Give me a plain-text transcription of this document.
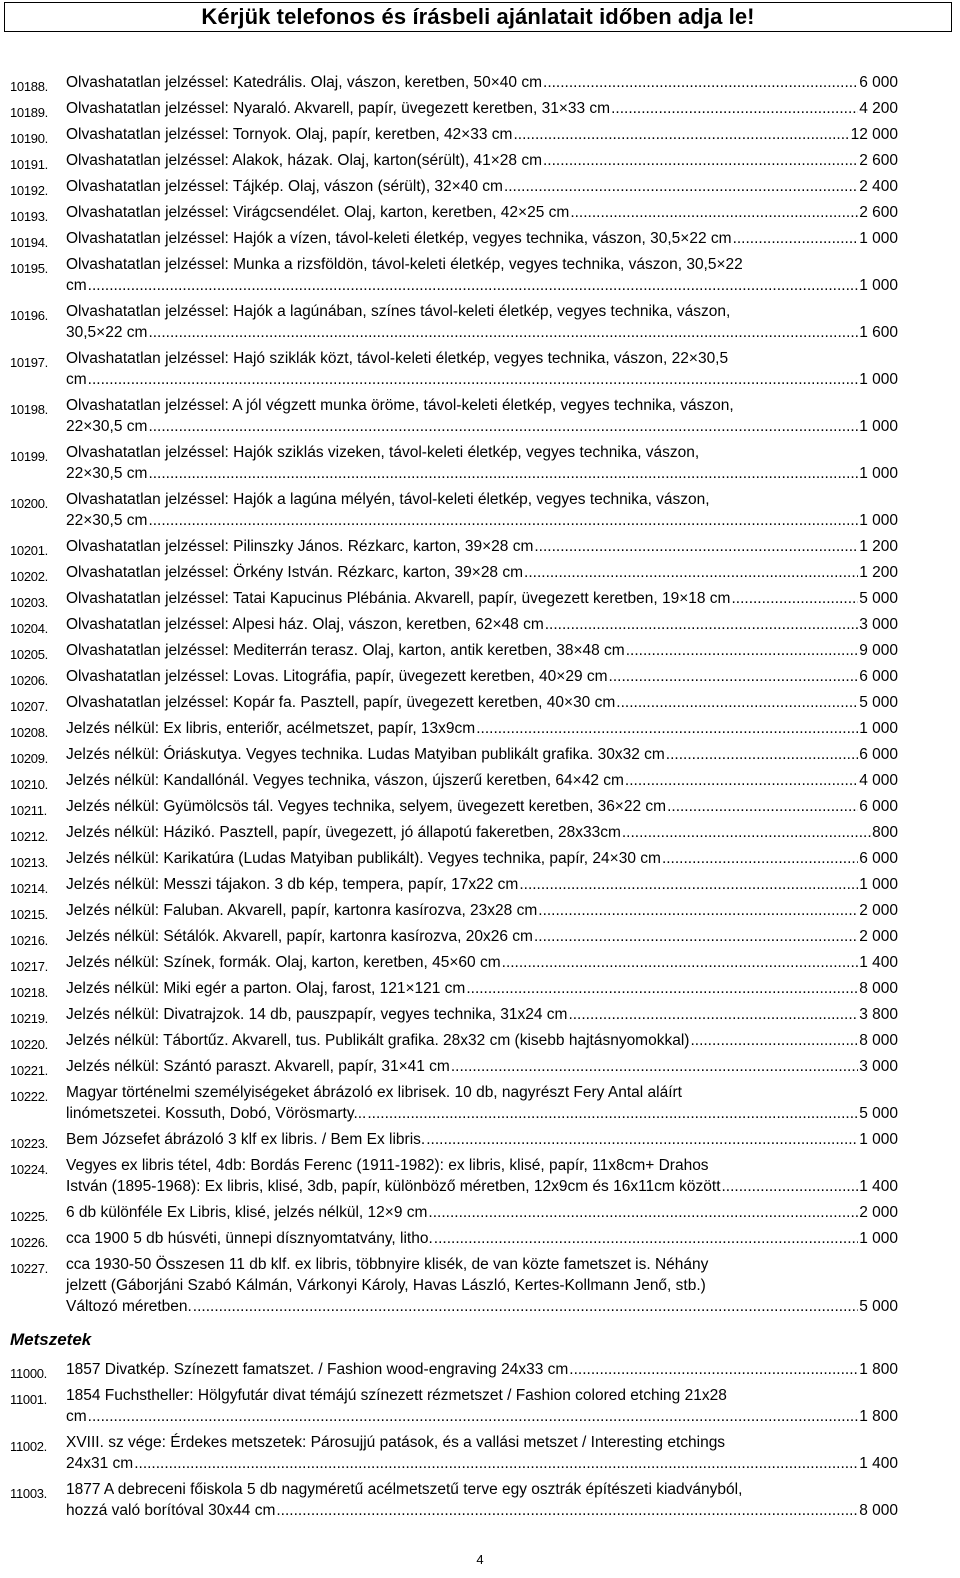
Kérjük telefonos és írásbeli ajánlatait időben adja le!
10188.	Olvashatatlan jelzéssel: Katedrális. Olaj, vászon, keretben, 50×40 cm .....	6 000
10189.	Olvashatatlan jelzéssel: Nyaraló. Akvarell, papír, üvegezett keretben, 31×33 cm .....	4 200
10190.	Olvashatatlan jelzéssel: Tornyok. Olaj, papír, keretben, 42×33 cm .....	12 000
10191.	Olvashatatlan jelzéssel: Alakok, házak. Olaj, karton(sérült), 41×28 cm .....	2 600
10192.	Olvashatatlan jelzéssel: Tájkép. Olaj, vászon (sérült), 32×40 cm .....	2 400
10193.	Olvashatatlan jelzéssel: Virágcsendélet. Olaj, karton, keretben, 42×25 cm .....	2 600
10194.	Olvashatatlan jelzéssel: Hajók a vízen, távol-keleti életkép, vegyes technika, vászon, 30,5×22 cm .....	1 000
10195.	Olvashatatlan jelzéssel: Munka a rizsföldön, távol-keleti életkép, vegyes technika, vászon, 30,5×22
cm .....	1 000
10196.	Olvashatatlan jelzéssel: Hajók a lagúnában, színes távol-keleti életkép, vegyes technika, vászon,
30,5×22 cm .....	1 600
10197.	Olvashatatlan jelzéssel: Hajó sziklák közt, távol-keleti életkép, vegyes technika, vászon, 22×30,5
cm .....	1 000
10198.	Olvashatatlan jelzéssel: A jól végzett munka öröme, távol-keleti életkép, vegyes technika, vászon,
22×30,5 cm .....	1 000
10199.	Olvashatatlan jelzéssel: Hajók sziklás vizeken, távol-keleti életkép, vegyes technika, vászon,
22×30,5 cm .....	1 000
10200.	Olvashatatlan jelzéssel: Hajók a lagúna mélyén, távol-keleti életkép, vegyes technika, vászon,
22×30,5 cm .....	1 000
10201.	Olvashatatlan jelzéssel: Pilinszky János. Rézkarc, karton, 39×28 cm .....	1 200
10202.	Olvashatatlan jelzéssel: Örkény István. Rézkarc, karton, 39×28 cm .....	1 200
10203.	Olvashatatlan jelzéssel: Tatai Kapucinus Plébánia. Akvarell, papír, üvegezett keretben, 19×18 cm .....	5 000
10204.	Olvashatatlan jelzéssel: Alpesi ház. Olaj, vászon, keretben, 62×48 cm .....	3 000
10205.	Olvashatatlan jelzéssel: Mediterrán terasz. Olaj, karton, antik keretben, 38×48 cm .....	9 000
10206.	Olvashatatlan jelzéssel: Lovas. Litográfia, papír, üvegezett keretben, 40×29 cm .....	6 000
10207.	Olvashatatlan jelzéssel: Kopár fa. Pasztell, papír, üvegezett keretben, 40×30 cm .....	5 000
10208.	Jelzés nélkül: Ex libris, enteriőr, acélmetszet, papír, 13x9cm .....	1 000
10209.	Jelzés nélkül: Óriáskutya. Vegyes technika. Ludas Matyiban publikált grafika. 30x32 cm .....	6 000
10210.	Jelzés nélkül: Kandallónál. Vegyes technika, vászon, újszerű keretben, 64×42 cm .....	4 000
10211.	Jelzés nélkül: Gyümölcsös tál. Vegyes technika, selyem, üvegezett keretben, 36×22 cm .....	6 000
10212.	Jelzés nélkül: Házikó. Pasztell, papír, üvegezett, jó állapotú fakeretben, 28x33cm .....	800
10213.	Jelzés nélkül: Karikatúra (Ludas Matyiban publikált). Vegyes technika, papír, 24×30 cm .....	6 000
10214.	Jelzés nélkül: Messzi tájakon. 3 db kép, tempera, papír, 17x22 cm .....	1 000
10215.	Jelzés nélkül: Faluban. Akvarell, papír, kartonra kasírozva, 23x28 cm .....	2 000
10216.	Jelzés nélkül: Sétálók. Akvarell, papír, kartonra kasírozva, 20x26 cm .....	2 000
10217.	Jelzés nélkül: Színek, formák. Olaj, karton, keretben, 45×60 cm .....	1 400
10218.	Jelzés nélkül: Miki egér a parton. Olaj, farost, 121×121 cm .....	8 000
10219.	Jelzés nélkül: Divatrajzok. 14 db, pauszpapír, vegyes technika, 31x24 cm .....	3 800
10220.	Jelzés nélkül: Tábortűz. Akvarell, tus. Publikált grafika. 28x32 cm (kisebb hajtásnyomokkal) .....	8 000
10221.	Jelzés nélkül: Szántó paraszt. Akvarell, papír, 31×41 cm .....	3 000
10222.	Magyar történelmi személyiségeket ábrázoló ex librisek. 10 db, nagyrészt Fery Antal aláírt
linómetszetei. Kossuth, Dobó, Vörösmarty... .....	5 000
10223.	Bem Józsefet ábrázoló 3 klf ex libris. / Bem Ex libris. .....	1 000
10224.	Vegyes ex libris tétel, 4db: Bordás Ferenc (1911-1982): ex libris, klisé, papír, 11x8cm+ Drahos
István (1895-1968): Ex libris, klisé, 3db, papír, különböző méretben, 12x9cm és 16x11cm között .....	1 400
10225.	6 db különféle Ex Libris, klisé, jelzés nélkül, 12×9 cm .....	2 000
10226.	cca 1900 5 db húsvéti, ünnepi dísznyomtatvány, litho. .....	1 000
10227.	cca 1930-50 Összesen 11 db klf. ex libris, többnyire klisék, de van közte fametszet is. Néhány
jelzett (Gáborjáni Szabó Kálmán, Várkonyi Károly, Havas László, Kertes-Kollmann Jenő, stb.)
Változó méretben. .....	5 000
Metszetek
11000.	1857 Divatkép. Színezett famatszet. / Fashion wood-engraving 24x33 cm .....	1 800
11001.	1854 Fuchstheller: Hölgyfutár divat témájú színezett rézmetszet / Fashion colored etching 21x28
cm .....	1 800
11002.	XVIII. sz vége: Érdekes metszetek: Párosujjú patások, és a vallási metszet / Interesting etchings
24x31 cm .....	1 400
11003.	1877 A debreceni főiskola 5 db nagyméretű acélmetszetű terve egy osztrák építészeti kiadványból,
hozzá való borítóval 30x44 cm .....	8 000
4
